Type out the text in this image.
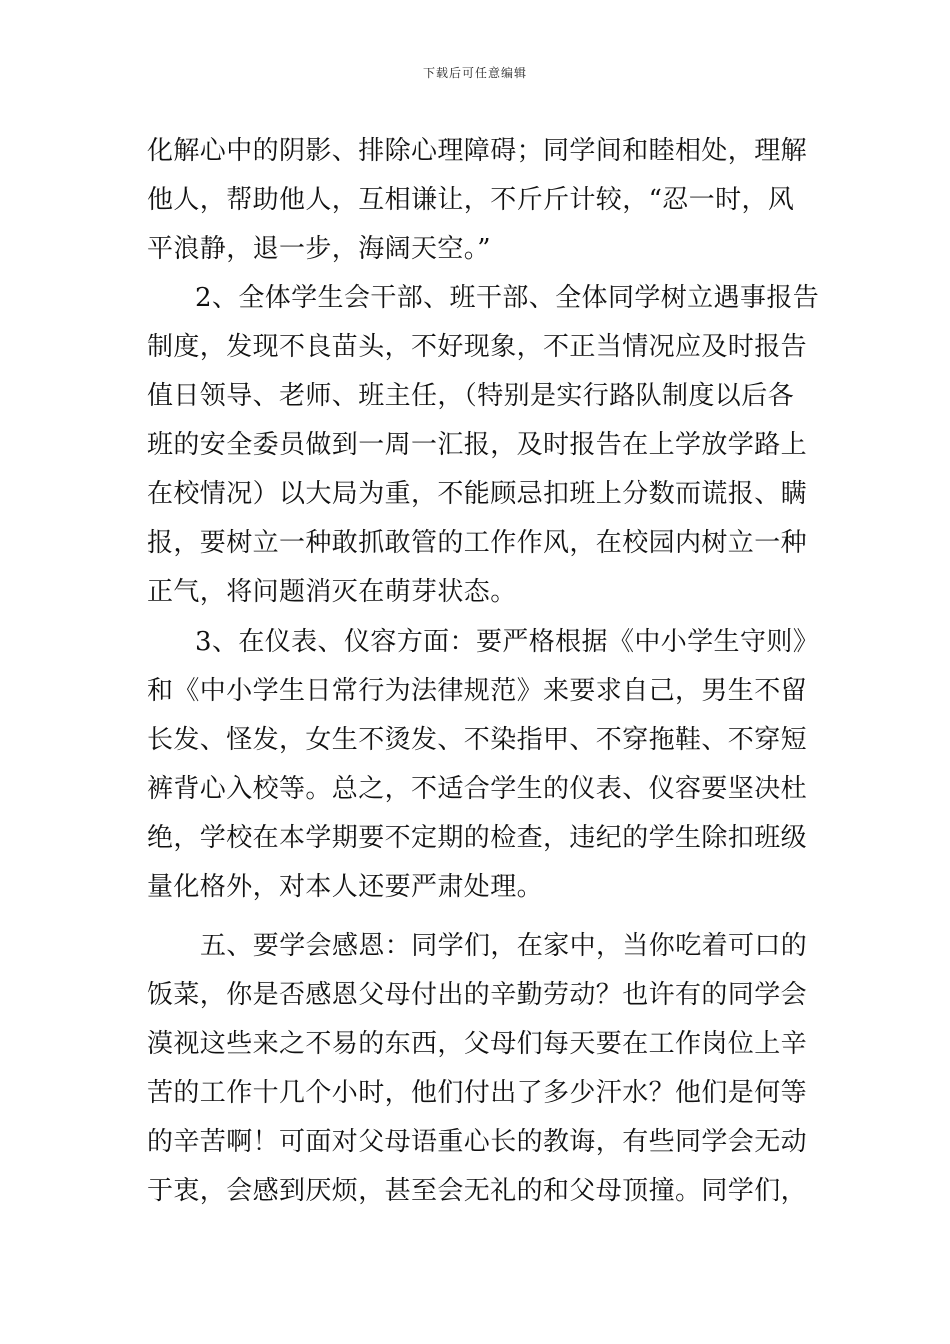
下载后可任意编辑
化解心中的阴影、排除心理障碍；同学间和睦相处，理解
他人，帮助他人，互相谦让，不斤斤计较，“忍一时，风
平浪静，退一步，海阔天空。”
2、全体学生会干部、班干部、全体同学树立遇事报告
制度，发现不良苗头，不好现象，不正当情况应及时报告
值日领导、老师、班主任，（特别是实行路队制度以后各
班的安全委员做到一周一汇报，及时报告在上学放学路上
在校情况）以大局为重，不能顾忌扣班上分数而谎报、瞒
报，要树立一种敢抓敢管的工作作风，在校园内树立一种
正气，将问题消灭在萌芽状态。
3、在仪表、仪容方面：要严格根据《中小学生守则》
和《中小学生日常行为法律规范》来要求自己，男生不留
长发、怪发，女生不烫发、不染指甲、不穿拖鞋、不穿短
裤背心入校等。总之，不适合学生的仪表、仪容要坚决杜
绝，学校在本学期要不定期的检查，违纪的学生除扣班级
量化格外，对本人还要严肃处理。
五、要学会感恩：同学们，在家中，当你吃着可口的
饭菜，你是否感恩父母付出的辛勤劳动？也许有的同学会
漠视这些来之不易的东西，父母们每天要在工作岗位上辛
苦的工作十几个小时，他们付出了多少汗水？他们是何等
的辛苦啊！可面对父母语重心长的教诲，有些同学会无动
于衷，会感到厌烦，甚至会无礼的和父母顶撞。同学们，
